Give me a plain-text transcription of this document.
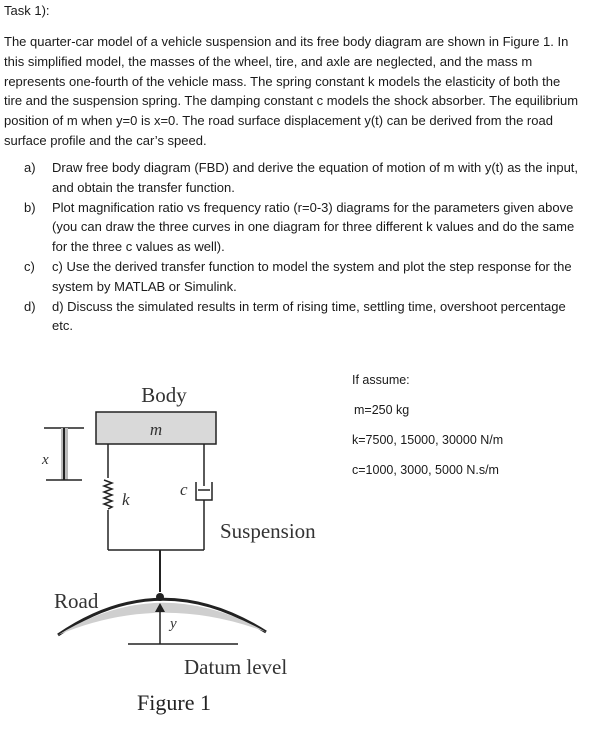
Task 1):
The quarter-car model of a vehicle suspension and its free body diagram are shown in Figure 1. In
this simplified model, the masses of the wheel, tire, and axle are neglected, and the mass m
represents one-fourth of the vehicle mass. The spring constant k models the elasticity of both the
tire and the suspension spring. The damping constant c models the shock absorber. The equilibrium
position of m when y=0 is x=0. The road surface displacement y(t) can be derived from the road
surface profile and the car’s speed.
a) Draw free body diagram (FBD) and derive the equation of motion of m with y(t) as the input,
and obtain the transfer function.
b) Plot magnification ratio vs frequency ratio (r=0-3) diagrams for the parameters given above
(you can draw the three curves in one diagram for three different k values and do the same
for the three c values as well).
c) c) Use the derived transfer function to model the system and plot the step response for the
system by MATLAB or Simulink.
d) d) Discuss the simulated results in term of rising time, settling time, overshoot percentage
etc.
Body
m
x
k
c
Suspension
Road
y
Datum level
Figure 1
If assume:
m=250 kg
k=7500, 15000, 30000 N/m
c=1000, 3000, 5000 N.s/m
